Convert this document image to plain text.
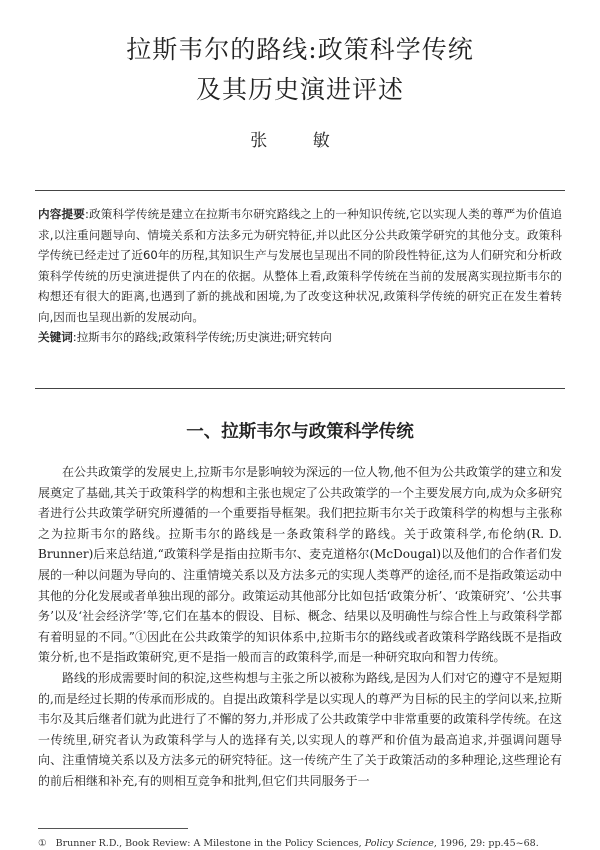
拉斯韦尔的路线:政策科学传统
及其历史演进评述
张 敏

内容提要:政策科学传统是建立在拉斯韦尔研究路线之上的一种知识传统,它以实现人类的尊严为价值追求,以注重问题导向、情境关系和方法多元为研究特征,并以此区分公共政策学研究的其他分支。政策科学传统已经走过了近60年的历程,其知识生产与发展也呈现出不同的阶段性特征,这为人们研究和分析政策科学传统的历史演进提供了内在的依据。从整体上看,政策科学传统在当前的发展离实现拉斯韦尔的构想还有很大的距离,也遇到了新的挑战和困境,为了改变这种状况,政策科学传统的研究正在发生着转向,因而也呈现出新的发展动向。

关键词:拉斯韦尔的路线;政策科学传统;历史演进;研究转向

一、拉斯韦尔与政策科学传统

在公共政策学的发展史上,拉斯韦尔是影响较为深远的一位人物,他不但为公共政策学的建立和发展奠定了基础,其关于政策科学的构想和主张也规定了公共政策学的一个主要发展方向,成为众多研究者进行公共政策学研究所遵循的一个重要指导框架。我们把拉斯韦尔关于政策科学的构想与主张称之为拉斯韦尔的路线。拉斯韦尔的路线是一条政策科学的路线。关于政策科学,布伦纳(R. D. Brunner)后来总结道,“政策科学是指由拉斯韦尔、麦克道格尔(McDougal)以及他们的合作者们发展的一种以问题为导向的、注重情境关系以及方法多元的实现人类尊严的途径,而不是指政策运动中其他的分化发展或者单独出现的部分。政策运动其他部分比如包括‘政策分析’、‘政策研究’、‘公共事务’以及‘社会经济学’等,它们在基本的假设、目标、概念、结果以及明确性与综合性上与政策科学都有着明显的不同。”①因此在公共政策学的知识体系中,拉斯韦尔的路线或者政策科学路线既不是指政策分析,也不是指政策研究,更不是指一般而言的政策科学,而是一种研究取向和智力传统。

路线的形成需要时间的积淀,这些构想与主张之所以被称为路线,是因为人们对它的遵守不是短期的,而是经过长期的传承而形成的。自提出政策科学是以实现人的尊严为目标的民主的学问以来,拉斯韦尔及其后继者们就为此进行了不懈的努力,并形成了公共政策学中非常重要的政策科学传统。在这一传统里,研究者认为政策科学与人的选择有关,以实现人的尊严和价值为最高追求,并强调问题导向、注重情境关系以及方法多元的研究特征。这一传统产生了关于政策活动的多种理论,这些理论有的前后相继和补充,有的则相互竞争和批判,但它们共同服务于一

① Brunner R.D., Book Review: A Milestone in the Policy Sciences, Policy Science, 1996, 29: pp.45~68.
